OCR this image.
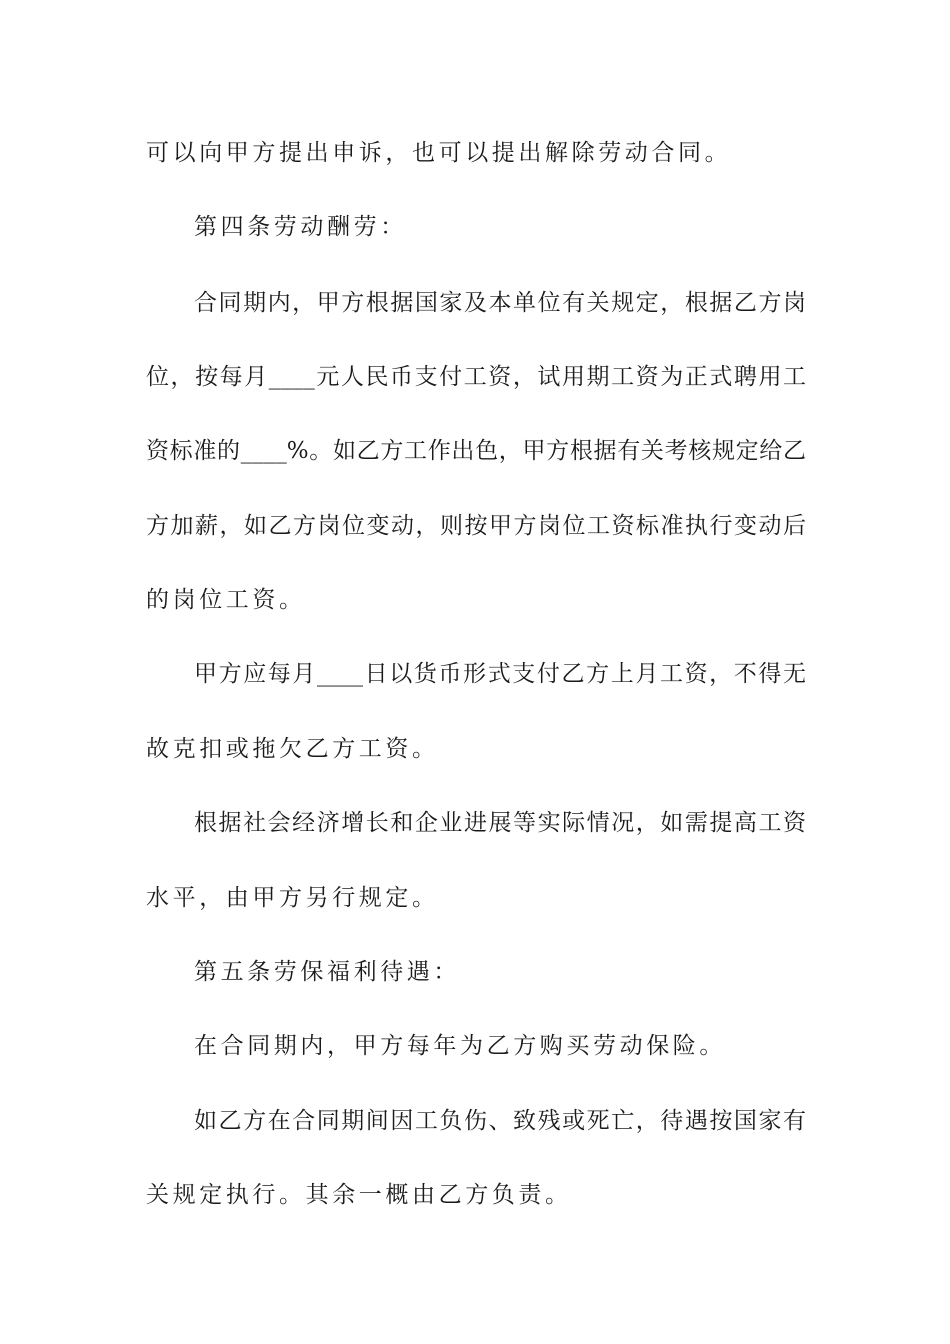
可以向甲方提出申诉，也可以提出解除劳动合同。
第四条劳动酬劳：
合同期内，甲方根据国家及本单位有关规定，根据乙方岗
位，按每月____元人民币支付工资，试用期工资为正式聘用工
资标准的____%。如乙方工作出色，甲方根据有关考核规定给乙
方加薪，如乙方岗位变动，则按甲方岗位工资标准执行变动后
的岗位工资。
甲方应每月____日以货币形式支付乙方上月工资，不得无
故克扣或拖欠乙方工资。
根据社会经济增长和企业进展等实际情况，如需提高工资
水平，由甲方另行规定。
第五条劳保福利待遇：
在合同期内，甲方每年为乙方购买劳动保险。
如乙方在合同期间因工负伤、致残或死亡，待遇按国家有
关规定执行。其余一概由乙方负责。
